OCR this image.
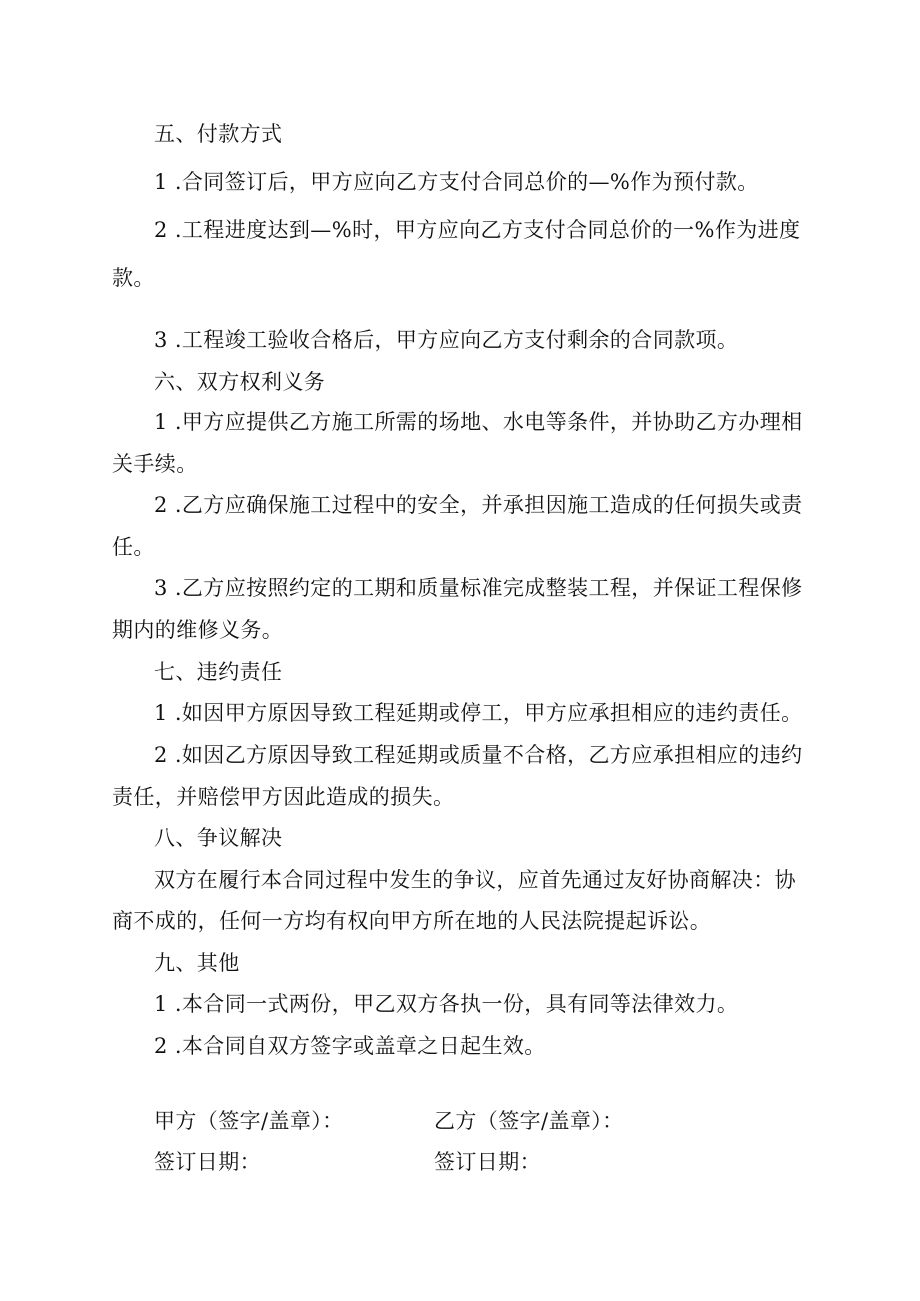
五、付款方式
1 .合同签订后，甲方应向乙方支付合同总价的—%作为预付款。
2 .工程进度达到—%时，甲方应向乙方支付合同总价的一%作为进度
款。
3 .工程竣工验收合格后，甲方应向乙方支付剩余的合同款项。
六、双方权利义务
1 .甲方应提供乙方施工所需的场地、水电等条件，并协助乙方办理相
关手续。
2 .乙方应确保施工过程中的安全，并承担因施工造成的任何损失或责
任。
3 .乙方应按照约定的工期和质量标准完成整装工程，并保证工程保修
期内的维修义务。
七、违约责任
1 .如因甲方原因导致工程延期或停工，甲方应承担相应的违约责任。
2 .如因乙方原因导致工程延期或质量不合格，乙方应承担相应的违约
责任，并赔偿甲方因此造成的损失。
八、争议解决
双方在履行本合同过程中发生的争议，应首先通过友好协商解决：协
商不成的，任何一方均有权向甲方所在地的人民法院提起诉讼。
九、其他
1 .本合同一式两份，甲乙双方各执一份，具有同等法律效力。
2 .本合同自双方签字或盖章之日起生效。
甲方（签字/盖章）：	乙方（签字/盖章）：
签订日期：	签订日期：
